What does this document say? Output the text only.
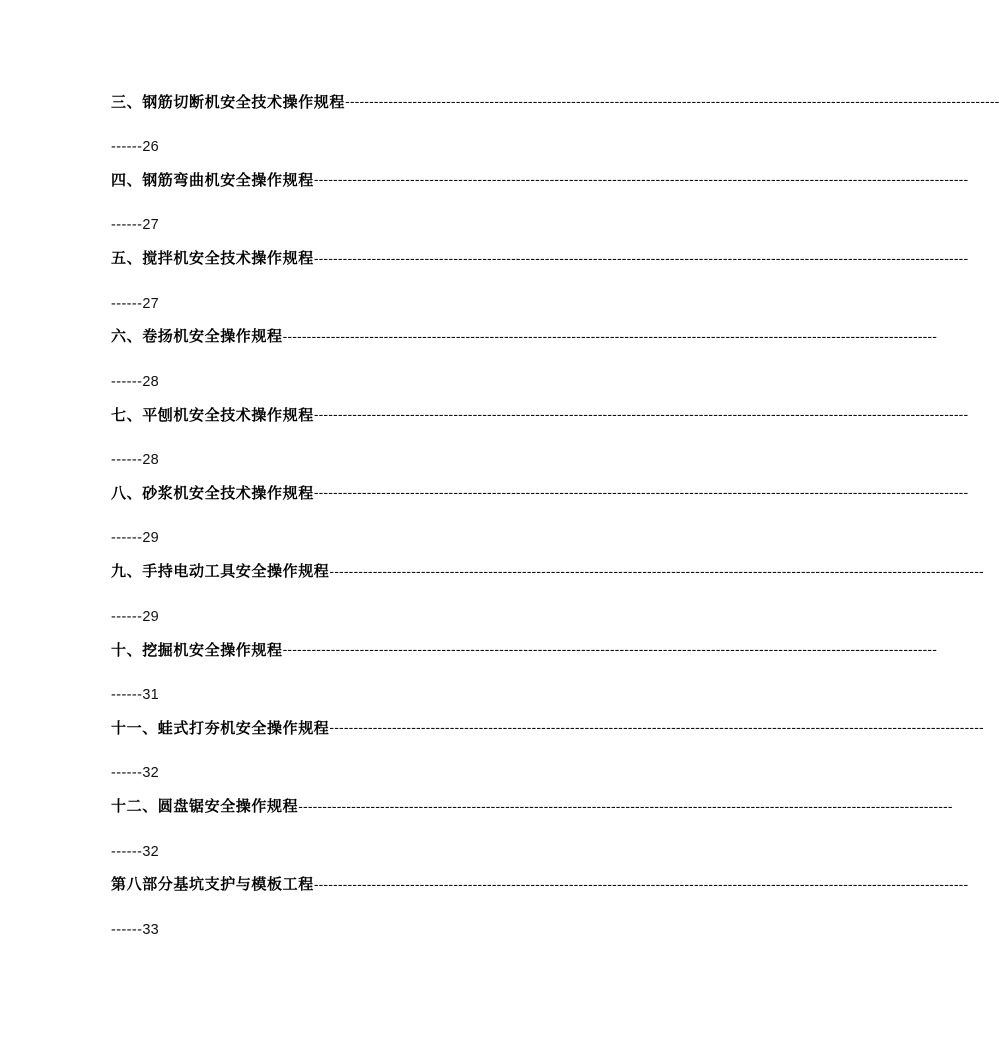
三、钢筋切断机安全技术操作规程 ----------------------------------------------------------------------------------------------------------------------------------------
------ 26
四、钢筋弯曲机安全操作规程 ----------------------------------------------------------------------------------------------------------------------------------------
------ 27
五、搅拌机安全技术操作规程 ----------------------------------------------------------------------------------------------------------------------------------------
------ 27
六、卷扬机安全操作规程 ----------------------------------------------------------------------------------------------------------------------------------------
------ 28
七、平刨机安全技术操作规程 ----------------------------------------------------------------------------------------------------------------------------------------
------ 28
八、砂浆机安全技术操作规程 ----------------------------------------------------------------------------------------------------------------------------------------
------ 29
九、手持电动工具安全操作规程 ----------------------------------------------------------------------------------------------------------------------------------------
------ 29
十、挖掘机安全操作规程 ----------------------------------------------------------------------------------------------------------------------------------------
------ 31
十一、蛙式打夯机安全操作规程 ----------------------------------------------------------------------------------------------------------------------------------------
------ 32
十二、圆盘锯安全操作规程 ----------------------------------------------------------------------------------------------------------------------------------------
------ 32
第八部分基坑支护与模板工程 ----------------------------------------------------------------------------------------------------------------------------------------
------ 33
